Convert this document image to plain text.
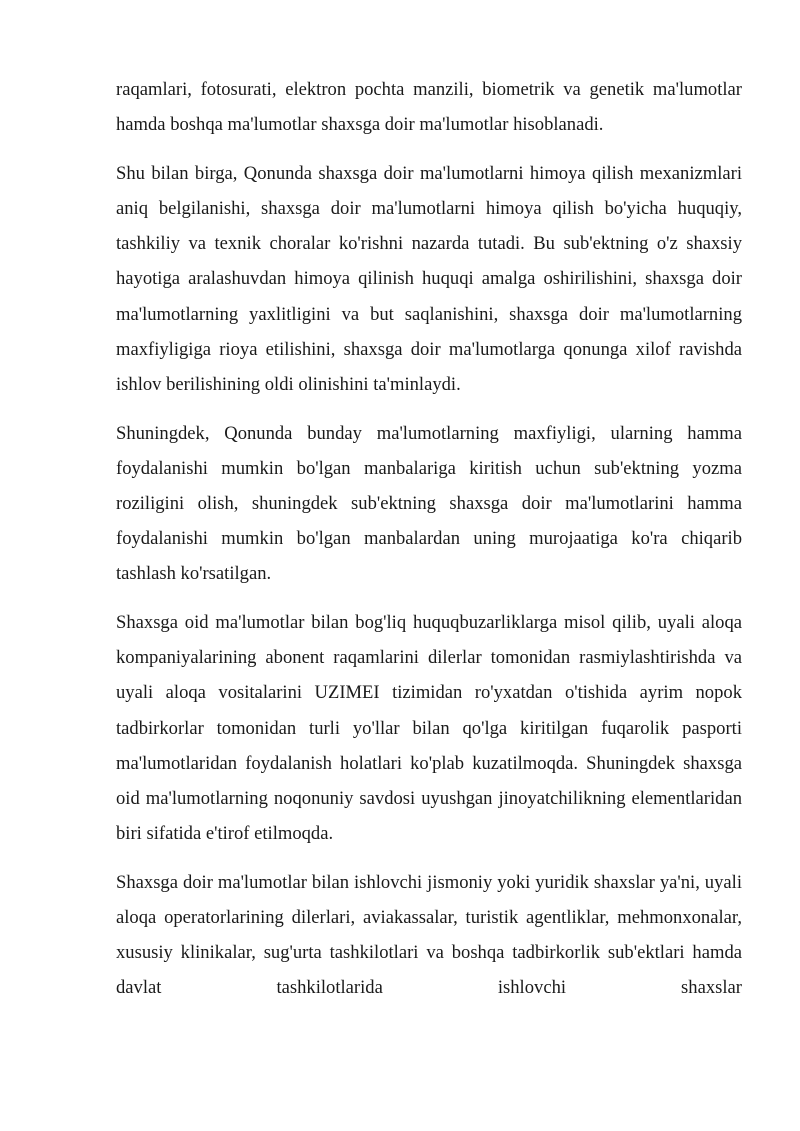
raqamlari, fotosurati, elektron pochta manzili, biometrik va genetik ma'lumotlar hamda boshqa ma'lumotlar shaxsga doir ma'lumotlar hisoblanadi.

Shu bilan birga, Qonunda shaxsga doir ma'lumotlarni himoya qilish mexanizmlari aniq belgilanishi, shaxsga doir ma'lumotlarni himoya qilish bo'yicha huquqiy, tashkiliy va texnik choralar ko'rishni nazarda tutadi. Bu sub'ektning o'z shaxsiy hayotiga aralashuvdan himoya qilinish huquqi amalga oshirilishini, shaxsga doir ma'lumotlarning yaxlitligini va but saqlanishini, shaxsga doir ma'lumotlarning maxfiyligiga rioya etilishini, shaxsga doir ma'lumotlarga qonunga xilof ravishda ishlov berilishining oldi olinishini ta'minlaydi.

Shuningdek, Qonunda bunday ma'lumotlarning maxfiyligi, ularning hamma foydalanishi mumkin bo'lgan manbalariga kiritish uchun sub'ektning yozma roziligini olish, shuningdek sub'ektning shaxsga doir ma'lumotlarini hamma foydalanishi mumkin bo'lgan manbalardan uning murojaatiga ko'ra chiqarib tashlash ko'rsatilgan.

Shaxsga oid ma'lumotlar bilan bog'liq huquqbuzarliklarga misol qilib, uyali aloqa kompaniyalarining abonent raqamlarini dilerlar tomonidan rasmiylashtirishda va uyali aloqa vositalarini UZIMEI tizimidan ro'yxatdan o'tishida ayrim nopok tadbirkorlar tomonidan turli yo'llar bilan qo'lga kiritilgan fuqarolik pasporti ma'lumotlaridan foydalanish holatlari ko'plab kuzatilmoqda. Shuningdek shaxsga oid ma'lumotlarning noqonuniy savdosi uyushgan jinoyatchilikning elementlaridan biri sifatida e'tirof etilmoqda.

Shaxsga doir ma'lumotlar bilan ishlovchi jismoniy yoki yuridik shaxslar ya'ni, uyali aloqa operatorlarining dilerlari, aviakassalar, turistik agentliklar, mehmonxonalar, xususiy klinikalar, sug'urta tashkilotlari va boshqa tadbirkorlik sub'ektlari hamda davlat tashkilotlarida ishlovchi shaxslar
